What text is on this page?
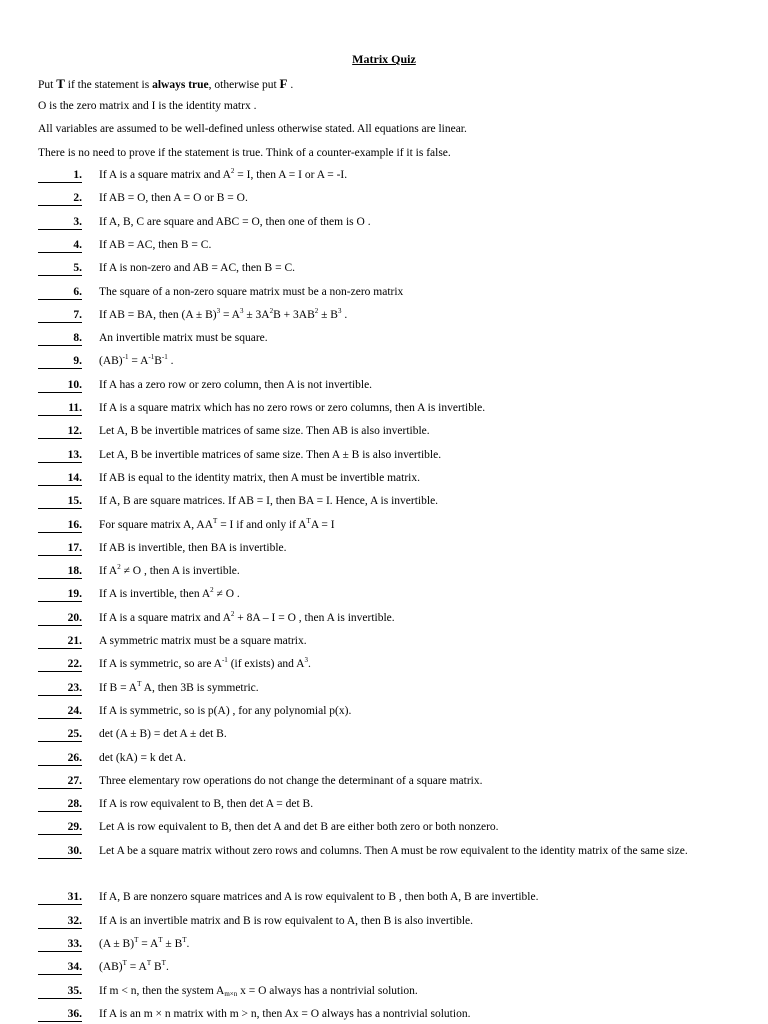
Matrix Quiz
Put T if the statement is always true, otherwise put F .
O is the zero matrix and I is the identity matrx .
All variables are assumed to be well-defined unless otherwise stated. All equations are linear.
There is no need to prove if the statement is true. Think of a counter-example if it is false.
1. If A is a square matrix and $A^2 = I$, then A = I or A = -I.
2. If AB = O, then A = O or B = O.
3. If A, B, C are square and ABC = O, then one of them is O .
4. If AB = AC, then B = C.
5. If A is non-zero and AB = AC, then B = C.
6. The square of a non-zero square matrix must be a non-zero matrix
7. If AB = BA, then $(A \pm B)^3 = A^3 \pm 3A^2B + 3AB^2 \pm B^3$ .
8. An invertible matrix must be square.
9. $(AB)^{-1} = A^{-1}B^{-1}$ .
10. If A has a zero row or zero column, then A is not invertible.
11. If A is a square matrix which has no zero rows or zero columns, then A is invertible.
12. Let A, B be invertible matrices of same size. Then AB is also invertible.
13. Let A, B be invertible matrices of same size. Then A ± B is also invertible.
14. If AB is equal to the identity matrix, then A must be invertible matrix.
15. If A, B are square matrices. If AB = I, then BA = I. Hence, A is invertible.
16. For square matrix A, $AA^T = I$ if and only if $A^TA = I$
17. If AB is invertible, then BA is invertible.
18. If $A^2 \ne O$ , then A is invertible.
19. If A is invertible, then $A^2 \ne O$ .
20. If A is a square matrix and $A^2 + 8A - I = O$ , then A is invertible.
21. A symmetric matrix must be a square matrix.
22. If A is symmetric, so are $A^{-1}$ (if exists) and $A^3$.
23. If $B = A^T$ A, then 3B is symmetric.
24. If A is symmetric, so is p(A) , for any polynomial p(x).
25. det (A ± B) = det A ± det B.
26. det (kA) = k det A.
27. Three elementary row operations do not change the determinant of a square matrix.
28. If A is row equivalent to B, then det A = det B.
29. Let A is row equivalent to B, then det A and det B are either both zero or both nonzero.
30. Let A be a square matrix without zero rows and columns. Then A must be row equivalent to the identity matrix of the same size.
31. If A, B are nonzero square matrices and A is row equivalent to B , then both A, B are invertible.
32. If A is an invertible matrix and B is row equivalent to A, then B is also invertible.
33. $(A \pm B)^T = A^T \pm B^T$.
34. $(AB)^T = A^T$ $B^T$.
35. If m < n, then the system $A_{m\times n}$ x = O always has a nontrivial solution.
36. If A is an m × n matrix with m > n, then Ax = O always has a nontrivial solution.
